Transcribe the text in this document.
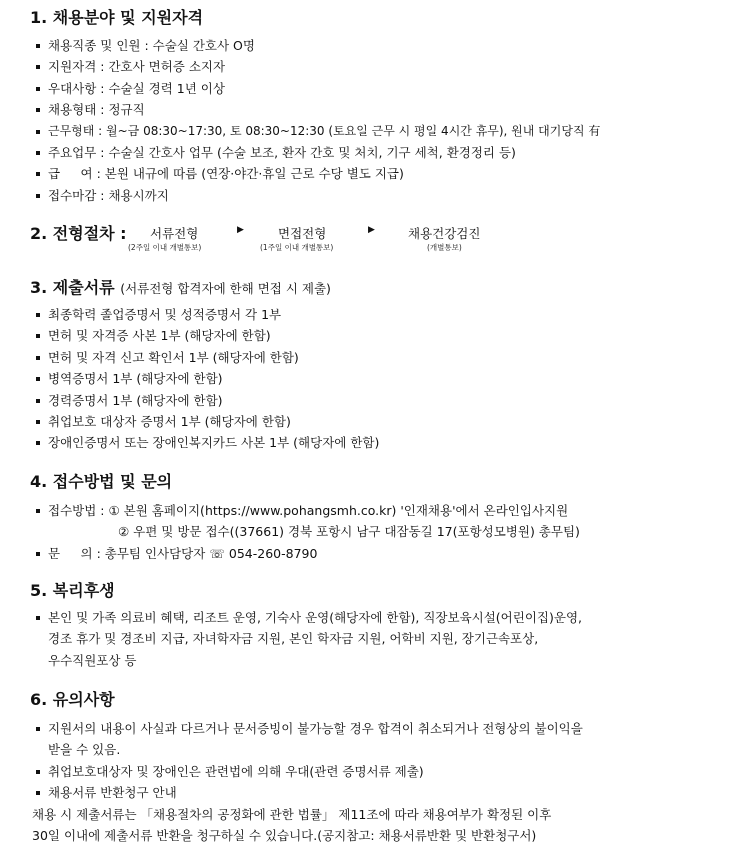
1. 채용분야 및 지원자격
채용직종 및 인원 : 수술실 간호사 O명
지원자격 : 간호사 면허증 소지자
우대사항 : 수술실 경력 1년 이상
채용형태 : 정규직
근무형태 : 월~금 08:30~17:30, 토 08:30~12:30 (토요일 근무 시 평일 4시간 휴무), 원내 대기당직 有
주요업무 : 수술실 간호사 업무 (수술 보조, 환자 간호 및 처치, 기구 세척, 환경정리 등)
급 　 여 : 본원 내규에 따름 (연장·야간·휴일 근로 수당 별도 지급)
접수마감 : 채용시까지
2. 전형절차 : 서류전형
(2주일 이내 개별통보)
▶	면접전형
(1주일 이내 개별통보)
▶	채용건강검진
(개별통보)
3. 제출서류 (서류전형 합격자에 한해 면접 시 제출)
최종학력 졸업증명서 및 성적증명서 각 1부
면허 및 자격증 사본 1부 (해당자에 한함)
면허 및 자격 신고 확인서 1부 (해당자에 한함)
병역증명서 1부 (해당자에 한함)
경력증명서 1부 (해당자에 한함)
취업보호 대상자 증명서 1부 (해당자에 한함)
장애인증명서 또는 장애인복지카드 사본 1부 (해당자에 한함)
4. 접수방법 및 문의
접수방법 : ① 본원 홈페이지(https://www.pohangsmh.co.kr) '인재채용'에서 온라인입사지원
② 우편 및 방문 접수((37661) 경북 포항시 남구 대잠동길 17(포항성모병원) 총무팀)
문 　 의 : 총무팀 인사담당자 ☏ 054-260-8790
5. 복리후생
본인 및 가족 의료비 혜택, 리조트 운영, 기숙사 운영(해당자에 한함), 직장보육시설(어린이집)운영,
경조 휴가 및 경조비 지급, 자녀학자금 지원, 본인 학자금 지원, 어학비 지원, 장기근속포상,
우수직원포상 등
6. 유의사항
지원서의 내용이 사실과 다르거나 문서증빙이 불가능할 경우 합격이 취소되거나 전형상의 불이익을
받을 수 있음.
취업보호대상자 및 장애인은 관련법에 의해 우대(관련 증명서류 제출)
채용서류 반환청구 안내
채용 시 제출서류는 「채용절차의 공정화에 관한 법률」 제11조에 따라 채용여부가 확정된 이후
30일 이내에 제출서류 반환을 청구하실 수 있습니다.(공지참고: 채용서류반환 및 반환청구서)
